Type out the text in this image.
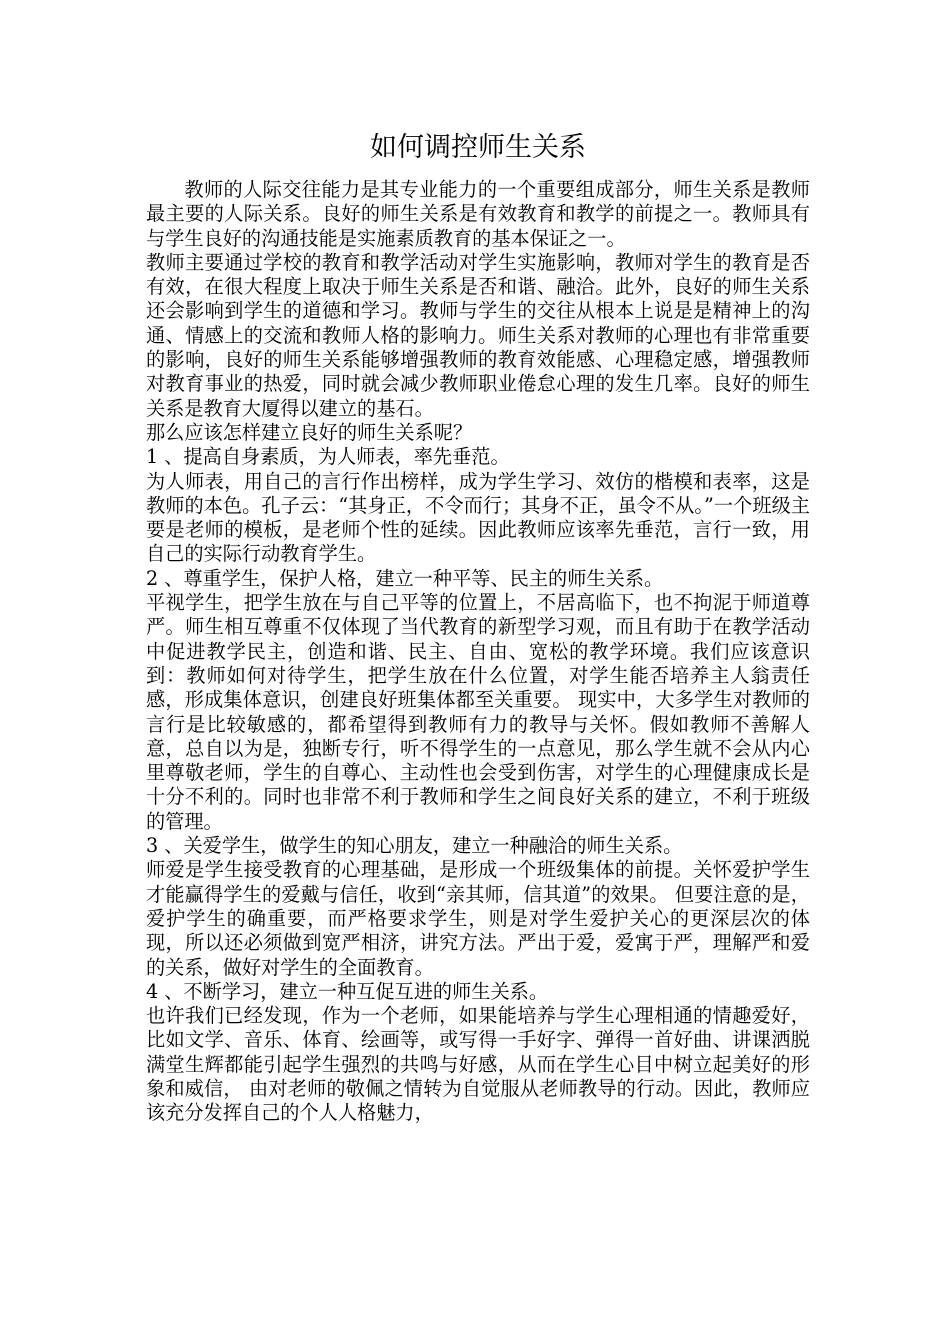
如何调控师生关系

教师的人际交往能力是其专业能力的一个重要组成部分，师生关系是教师最主要的人际关系。良好的师生关系是有效教育和教学的前提之一。教师具有与学生良好的沟通技能是实施素质教育的基本保证之一。

教师主要通过学校的教育和教学活动对学生实施影响，教师对学生的教育是否有效，在很大程度上取决于师生关系是否和谐、融洽。此外，良好的师生关系还会影响到学生的道德和学习。教师与学生的交往从根本上说是是精神上的沟通、情感上的交流和教师人格的影响力。师生关系对教师的心理也有非常重要的影响，良好的师生关系能够增强教师的教育效能感、心理稳定感，增强教师对教育事业的热爱，同时就会减少教师职业倦怠心理的发生几率。良好的师生关系是教育大厦得以建立的基石。

那么应该怎样建立良好的师生关系呢？

1 、提高自身素质，为人师表，率先垂范。

为人师表，用自己的言行作出榜样，成为学生学习、效仿的楷模和表率，这是教师的本色。孔子云：“其身正，不令而行；其身不正，虽令不从。”一个班级主要是老师的模板，是老师个性的延续。因此教师应该率先垂范，言行一致，用自己的实际行动教育学生。

2 、尊重学生，保护人格，建立一种平等、民主的师生关系。

平视学生，把学生放在与自己平等的位置上，不居高临下，也不拘泥于师道尊严。师生相互尊重不仅体现了当代教育的新型学习观，而且有助于在教学活动中促进教学民主，创造和谐、民主、自由、宽松的教学环境。我们应该意识到：教师如何对待学生，把学生放在什么位置，对学生能否培养主人翁责任感，形成集体意识，创建良好班集体都至关重要。 现实中，大多学生对教师的言行是比较敏感的，都希望得到教师有力的教导与关怀。假如教师不善解人意，总自以为是，独断专行，听不得学生的一点意见，那么学生就不会从内心里尊敬老师，学生的自尊心、主动性也会受到伤害，对学生的心理健康成长是十分不利的。同时也非常不利于教师和学生之间良好关系的建立，不利于班级的管理。

3 、关爱学生，做学生的知心朋友，建立一种融洽的师生关系。

师爱是学生接受教育的心理基础，是形成一个班级集体的前提。关怀爱护学生才能赢得学生的爱戴与信任，收到“亲其师，信其道”的效果。 但要注意的是，爱护学生的确重要，而严格要求学生，则是对学生爱护关心的更深层次的体现，所以还必须做到宽严相济，讲究方法。严出于爱，爱寓于严，理解严和爱的关系，做好对学生的全面教育。

4 、不断学习，建立一种互促互进的师生关系。

也许我们已经发现，作为一个老师，如果能培养与学生心理相通的情趣爱好，比如文学、音乐、体育、绘画等，或写得一手好字、弹得一首好曲、讲课洒脱满堂生辉都能引起学生强烈的共鸣与好感，从而在学生心目中树立起美好的形象和威信， 由对老师的敬佩之情转为自觉服从老师教导的行动。因此，教师应该充分发挥自己的个人人格魅力，
